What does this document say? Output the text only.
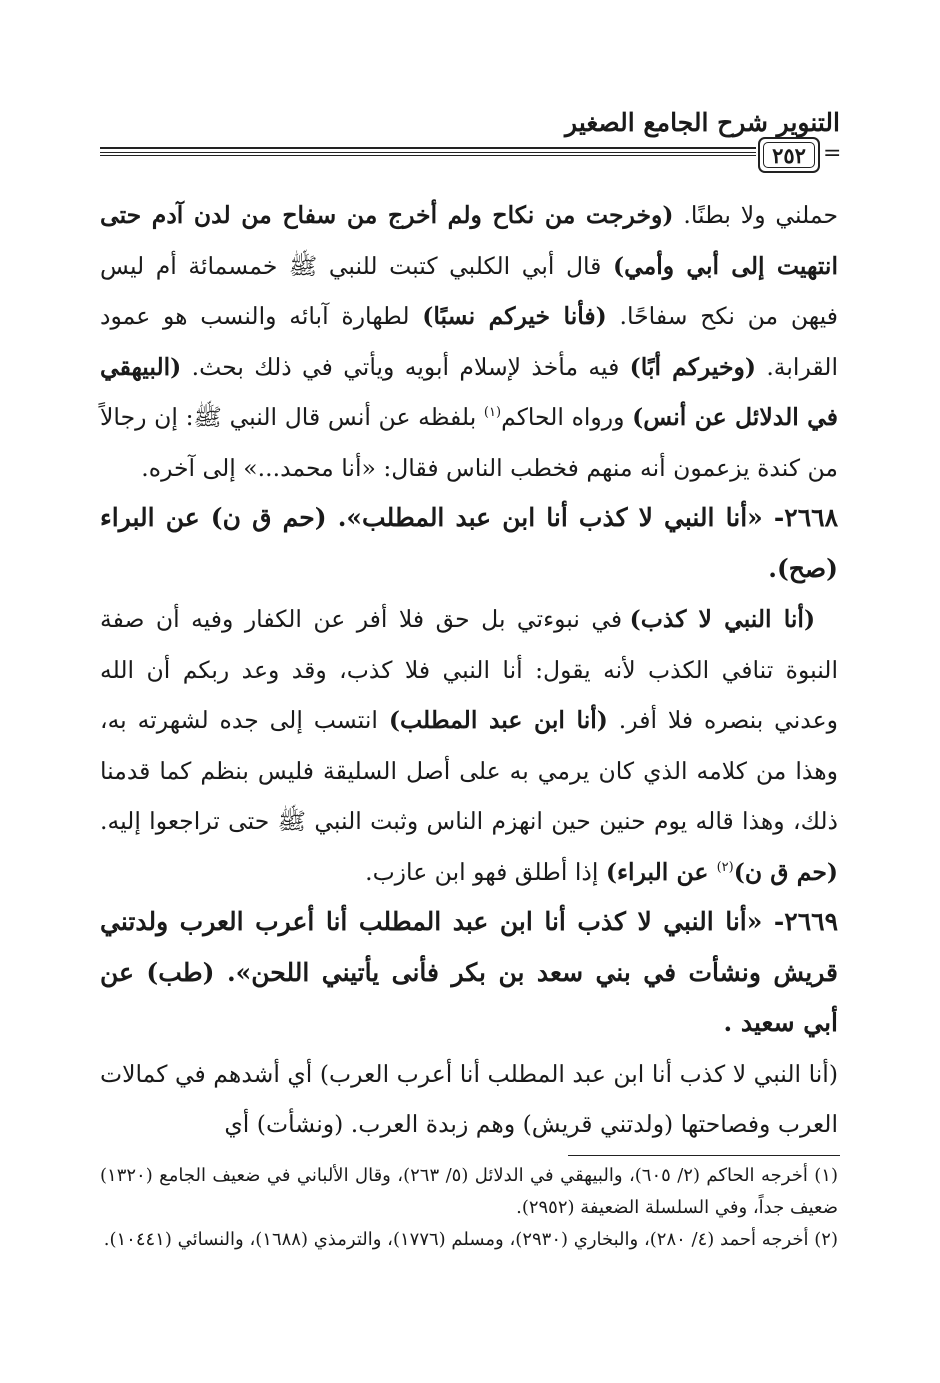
التنوير شرح الجامع الصغير
٢٥٢ =

حملني ولا بطنًا. (وخرجت من نكاح ولم أخرج من سفاح من لدن آدم حتى انتهيت إلى أبي وأمي) قال أبي الكلبي كتبت للنبي ﷺ خمسمائة أم ليس فيهن من نكح سفاحًا. (فأنا خيركم نسبًا) لطهارة آبائه والنسب هو عمود القرابة. (وخيركم أبًا) فيه مأخذ لإسلام أبويه ويأتي في ذلك بحث. (البيهقي في الدلائل عن أنس) ورواه الحاكم$^{(١)}$ بلفظه عن أنس قال النبي ﷺ: إن رجالاً من كندة يزعمون أنه منهم فخطب الناس فقال: «أنا محمد...» إلى آخره.

٢٦٦٨- «أنا النبي لا كذب أنا ابن عبد المطلب». (حم ق ن) عن البراء (صح).

(أنا النبي لا كذب) في نبوءتي بل حق فلا أفر عن الكفار وفيه أن صفة النبوة تنافي الكذب لأنه يقول: أنا النبي فلا كذب، وقد وعد ربكم أن الله وعدني بنصره فلا أفر. (أنا ابن عبد المطلب) انتسب إلى جده لشهرته به، وهذا من كلامه الذي كان يرمي به على أصل السليقة فليس بنظم كما قدمنا ذلك، وهذا قاله يوم حنين حين انهزم الناس وثبت النبي ﷺ حتى تراجعوا إليه. (حم ق ن)$^{(٢)}$ عن البراء) إذا أطلق فهو ابن عازب.

٢٦٦٩- «أنا النبي لا كذب أنا ابن عبد المطلب أنا أعرب العرب ولدتني قريش ونشأت في بني سعد بن بكر فأنى يأتيني اللحن». (طب) عن أبي سعيد .

(أنا النبي لا كذب أنا ابن عبد المطلب أنا أعرب العرب) أي أشدهم في كمالات العرب وفصاحتها (ولدتني قريش) وهم زبدة العرب. (ونشأت) أي

(١) أخرجه الحاكم (٢/ ٦٠٥)، والبيهقي في الدلائل (٥/ ٢٦٣)، وقال الألباني في ضعيف الجامع (١٣٢٠) ضعيف جداً، وفي السلسلة الضعيفة (٢٩٥٢).

(٢) أخرجه أحمد (٤/ ٢٨٠)، والبخاري (٢٩٣٠)، ومسلم (١٧٧٦)، والترمذي (١٦٨٨)، والنسائي (١٠٤٤١).
